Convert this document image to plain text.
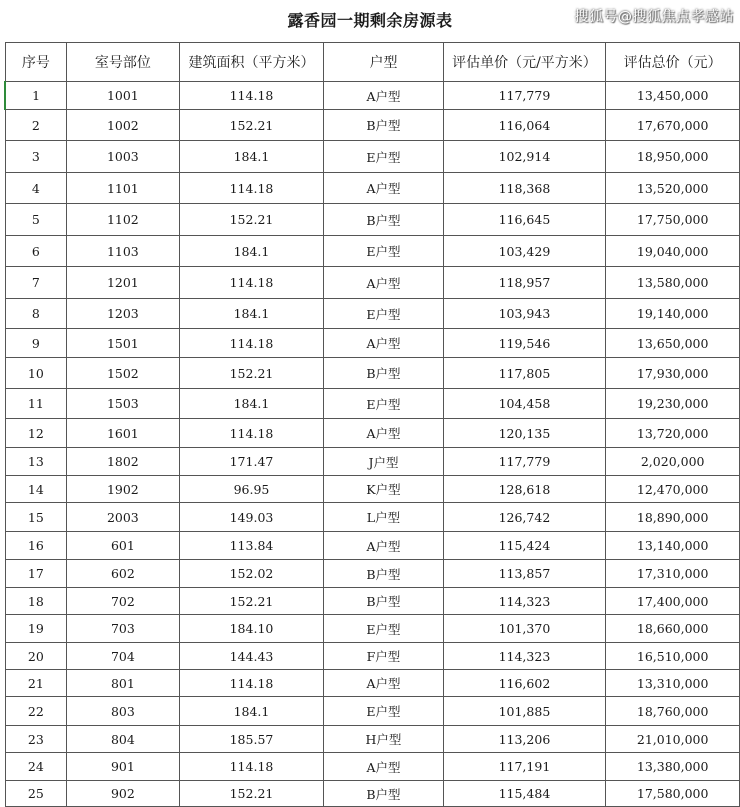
露香园一期剩余房源表	搜狐号@搜狐焦点孝感站
序号	室号部位	建筑面积（平方米）	户型	评估单价（元/平方米）	评估总价（元）
1	1001	114.18	A户型	117,779	13,450,000
2	1002	152.21	B户型	116,064	17,670,000
3	1003	184.1	E户型	102,914	18,950,000
4	1101	114.18	A户型	118,368	13,520,000
5	1102	152.21	B户型	116,645	17,750,000
6	1103	184.1	E户型	103,429	19,040,000
7	1201	114.18	A户型	118,957	13,580,000
8	1203	184.1	E户型	103,943	19,140,000
9	1501	114.18	A户型	119,546	13,650,000
10	1502	152.21	B户型	117,805	17,930,000
11	1503	184.1	E户型	104,458	19,230,000
12	1601	114.18	A户型	120,135	13,720,000
13	1802	171.47	J户型	117,779	2,020,000
14	1902	96.95	K户型	128,618	12,470,000
15	2003	149.03	L户型	126,742	18,890,000
16	601	113.84	A户型	115,424	13,140,000
17	602	152.02	B户型	113,857	17,310,000
18	702	152.21	B户型	114,323	17,400,000
19	703	184.10	E户型	101,370	18,660,000
20	704	144.43	F户型	114,323	16,510,000
21	801	114.18	A户型	116,602	13,310,000
22	803	184.1	E户型	101,885	18,760,000
23	804	185.57	H户型	113,206	21,010,000
24	901	114.18	A户型	117,191	13,380,000
25	902	152.21	B户型	115,484	17,580,000
